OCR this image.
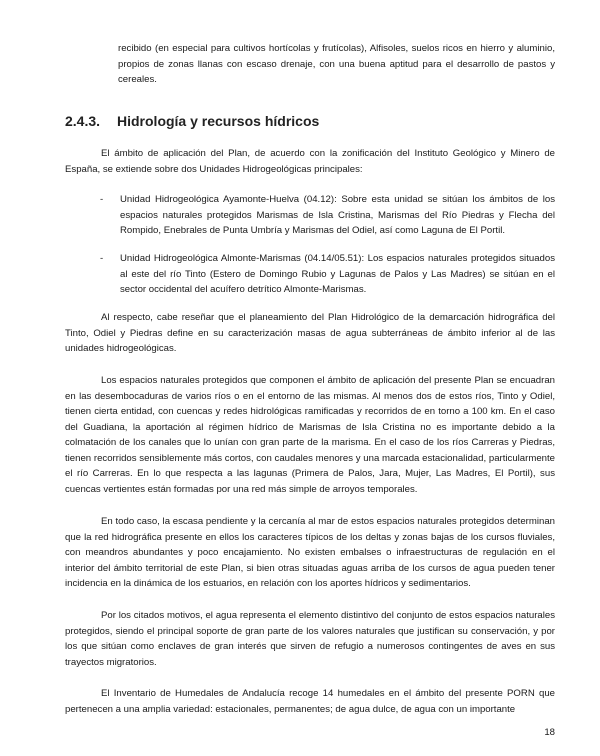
recibido (en especial para cultivos hortícolas y frutícolas), Alfisoles, suelos ricos en hierro y aluminio, propios de zonas llanas con escaso drenaje, con una buena aptitud para el desarrollo de pastos y cereales.

2.4.3. Hidrología y recursos hídricos

El ámbito de aplicación del Plan, de acuerdo con la zonificación del Instituto Geológico y Minero de España, se extiende sobre dos Unidades Hidrogeológicas principales:

- Unidad Hidrogeológica Ayamonte-Huelva (04.12): Sobre esta unidad se sitúan los ámbitos de los espacios naturales protegidos Marismas de Isla Cristina, Marismas del Río Piedras y Flecha del Rompido, Enebrales de Punta Umbría y Marismas del Odiel, así como Laguna de El Portil.
- Unidad Hidrogeológica Almonte-Marismas (04.14/05.51): Los espacios naturales protegidos situados al este del río Tinto (Estero de Domingo Rubio y Lagunas de Palos y Las Madres) se sitúan en el sector occidental del acuífero detrítico Almonte-Marismas.

Al respecto, cabe reseñar que el planeamiento del Plan Hidrológico de la demarcación hidrográfica del Tinto, Odiel y Piedras define en su caracterización masas de agua subterráneas de ámbito inferior al de las unidades hidrogeológicas.

Los espacios naturales protegidos que componen el ámbito de aplicación del presente Plan se encuadran en las desembocaduras de varios ríos o en el entorno de las mismas. Al menos dos de estos ríos, Tinto y Odiel, tienen cierta entidad, con cuencas y redes hidrológicas ramificadas y recorridos de en torno a 100 km. En el caso del Guadiana, la aportación al régimen hídrico de Marismas de Isla Cristina no es importante debido a la colmatación de los canales que lo unían con gran parte de la marisma. En el caso de los ríos Carreras y Piedras, tienen recorridos sensiblemente más cortos, con caudales menores y una marcada estacionalidad, particularmente el río Carreras. En lo que respecta a las lagunas (Primera de Palos, Jara, Mujer, Las Madres, El Portil), sus cuencas vertientes están formadas por una red más simple de arroyos temporales.

En todo caso, la escasa pendiente y la cercanía al mar de estos espacios naturales protegidos determinan que la red hidrográfica presente en ellos los caracteres típicos de los deltas y zonas bajas de los cursos fluviales, con meandros abundantes y poco encajamiento. No existen embalses o infraestructuras de regulación en el interior del ámbito territorial de este Plan, si bien otras situadas aguas arriba de los cursos de agua pueden tener incidencia en la dinámica de los estuarios, en relación con los aportes hídricos y sedimentarios.

Por los citados motivos, el agua representa el elemento distintivo del conjunto de estos espacios naturales protegidos, siendo el principal soporte de gran parte de los valores naturales que justifican su conservación, y por los que sitúan como enclaves de gran interés que sirven de refugio a numerosos contingentes de aves en sus trayectos migratorios.

El Inventario de Humedales de Andalucía recoge 14 humedales en el ámbito del presente PORN que pertenecen a una amplia variedad: estacionales, permanentes; de agua dulce, de agua con un importante

18
